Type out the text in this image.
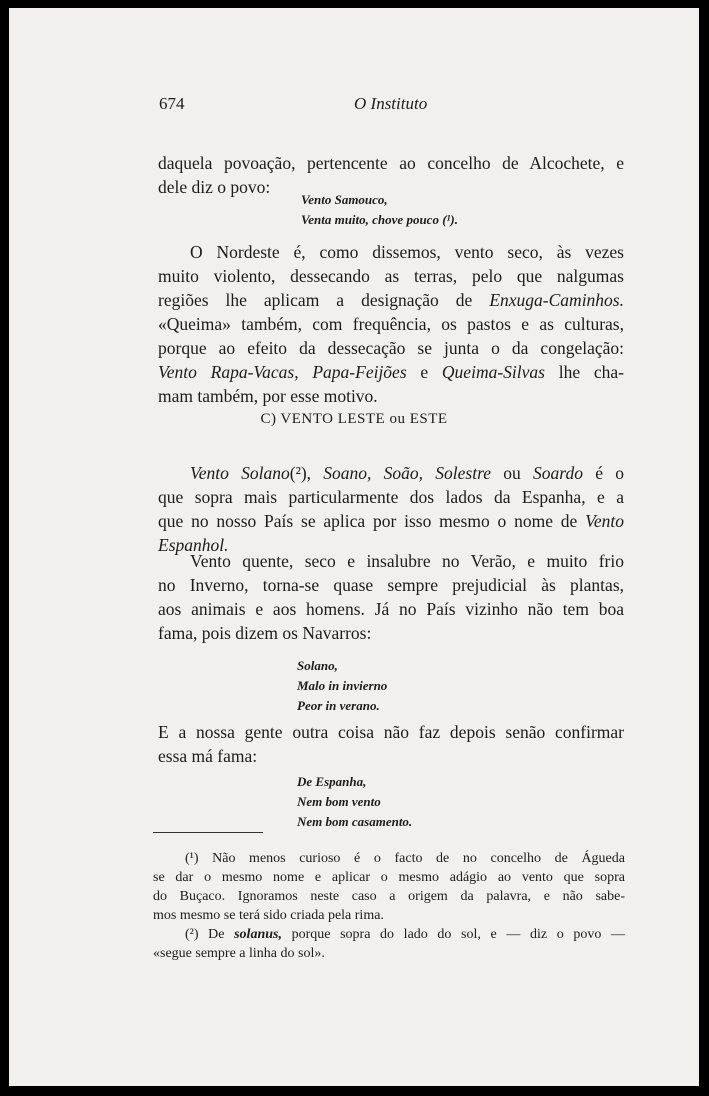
674	O Instituto

daquela povoação, pertencente ao concelho de Alcochete, e
dele diz o povo:
Vento Samouco,
Venta muito, chove pouco (¹).
O Nordeste é, como dissemos, vento seco, às vezes
muito violento, dessecando as terras, pelo que nalgumas
regiões lhe aplicam a designação de Enxuga-Caminhos.
«Queima» também, com frequência, os pastos e as culturas,
porque ao efeito da dessecação se junta o da congelação:
Vento Rapa-Vacas, Papa-Feijões e Queima-Silvas lhe cha-
mam também, por esse motivo.

C) VENTO LESTE ou ESTE

Vento Solano(²), Soano, Soão, Solestre ou Soardo é o
que sopra mais particularmente dos lados da Espanha, e a
que no nosso País se aplica por isso mesmo o nome de Vento
Espanhol.
Vento quente, seco e insalubre no Verão, e muito frio
no Inverno, torna-se quase sempre prejudicial às plantas,
aos animais e aos homens. Já no País vizinho não tem boa
fama, pois dizem os Navarros:
Solano,
Malo in invierno
Peor in verano.
E a nossa gente outra coisa não faz depois senão confirmar
essa má fama:
De Espanha,
Nem bom vento
Nem bom casamento.
(¹) Não menos curioso é o facto de no concelho de Águeda
se dar o mesmo nome e aplicar o mesmo adágio ao vento que sopra
do Buçaco. Ignoramos neste caso a origem da palavra, e não sabe-
mos mesmo se terá sido criada pela rima.
(²) De solanus, porque sopra do lado do sol, e — diz o povo —
«segue sempre a linha do sol».
